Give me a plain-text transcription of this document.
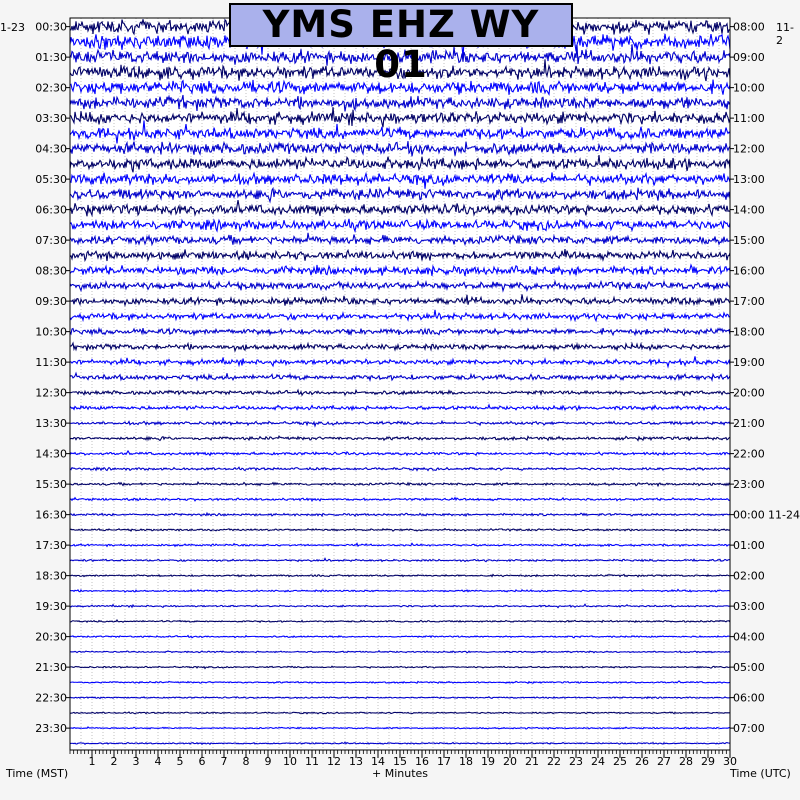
1 2 3 4 5 6 7 8 9 10 11 12 13 14 15 16 17 18 19 20 21 22 23 24 25 26 27 28 29 30
00:30
01:30
02:30
03:30
04:30
05:30
06:30
07:30
08:30
09:30
10:30
11:30
12:30
13:30
14:30
15:30
16:30
17:30
18:30
19:30
20:30
21:30
22:30
23:30
08:00
09:00
10:00
11:00
12:00
13:00
14:00
15:00
16:00
17:00
18:00
19:00
20:00
21:00
22:00
23:00
00:00 11-24
01:00
02:00
03:00
04:00
05:00
06:00
07:00
YMS EHZ WY 01
1-23	11-2
Time (MST)	+ Minutes	Time (UTC)
